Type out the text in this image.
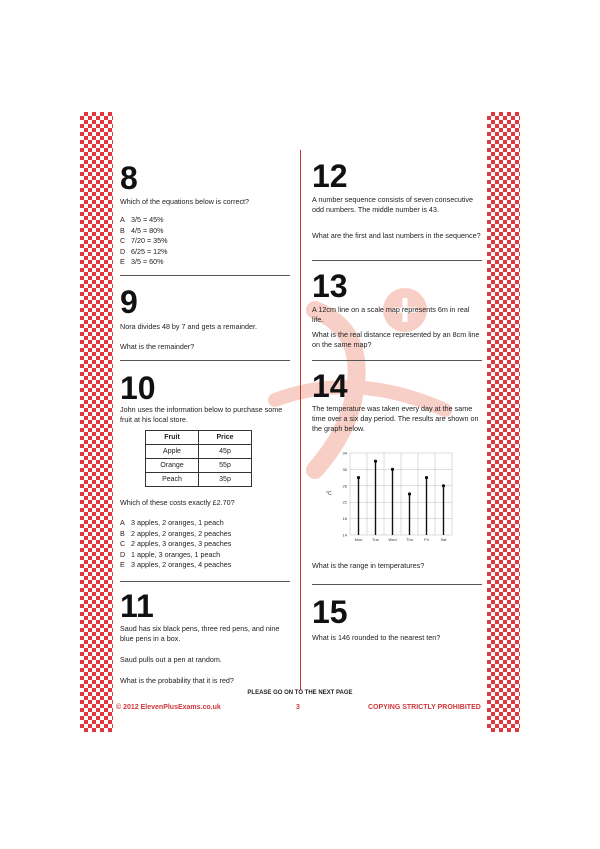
8
Which of the equations below is correct?
A 3/5 = 45%
B 4/5 = 80%
C 7/20 = 35%
D 6/25 = 12%
E 3/5 = 60%
9
Nora divides 48 by 7 and gets a remainder.
What is the remainder?
10
John uses the information below to purchase some fruit at his local store.
Fruit	Price
Apple	45p
Orange	55p
Peach	35p
Which of these costs exactly £2.70?
A 3 apples, 2 oranges, 1 peach
B 2 apples, 2 oranges, 2 peaches
C 2 apples, 3 oranges, 3 peaches
D 1 apple, 3 oranges, 1 peach
E 3 apples, 2 oranges, 4 peaches
11
Saud has six black pens, three red pens, and nine blue pens in a box.
Saud pulls out a pen at random.
What is the probability that it is red?
12
A number sequence consists of seven consecutive odd numbers. The middle number is 43.
What are the first and last numbers in the sequence?
13
A 12cm line on a scale map represents 6m in real life.
What is the real distance represented by an 8cm line on the same map?
14
The temperature was taken every day at the same time over a six day period. The results are shown on the graph below.
14
18
22
26
30
34
°C
Mon Tue Wed Thu	Fri	Sat
What is the range in temperatures?
15
What is 146 rounded to the nearest ten?
PLEASE GO ON TO THE NEXT PAGE
© 2012 ElevenPlusExams.co.uk	3	COPYING STRICTLY PROHIBITED
